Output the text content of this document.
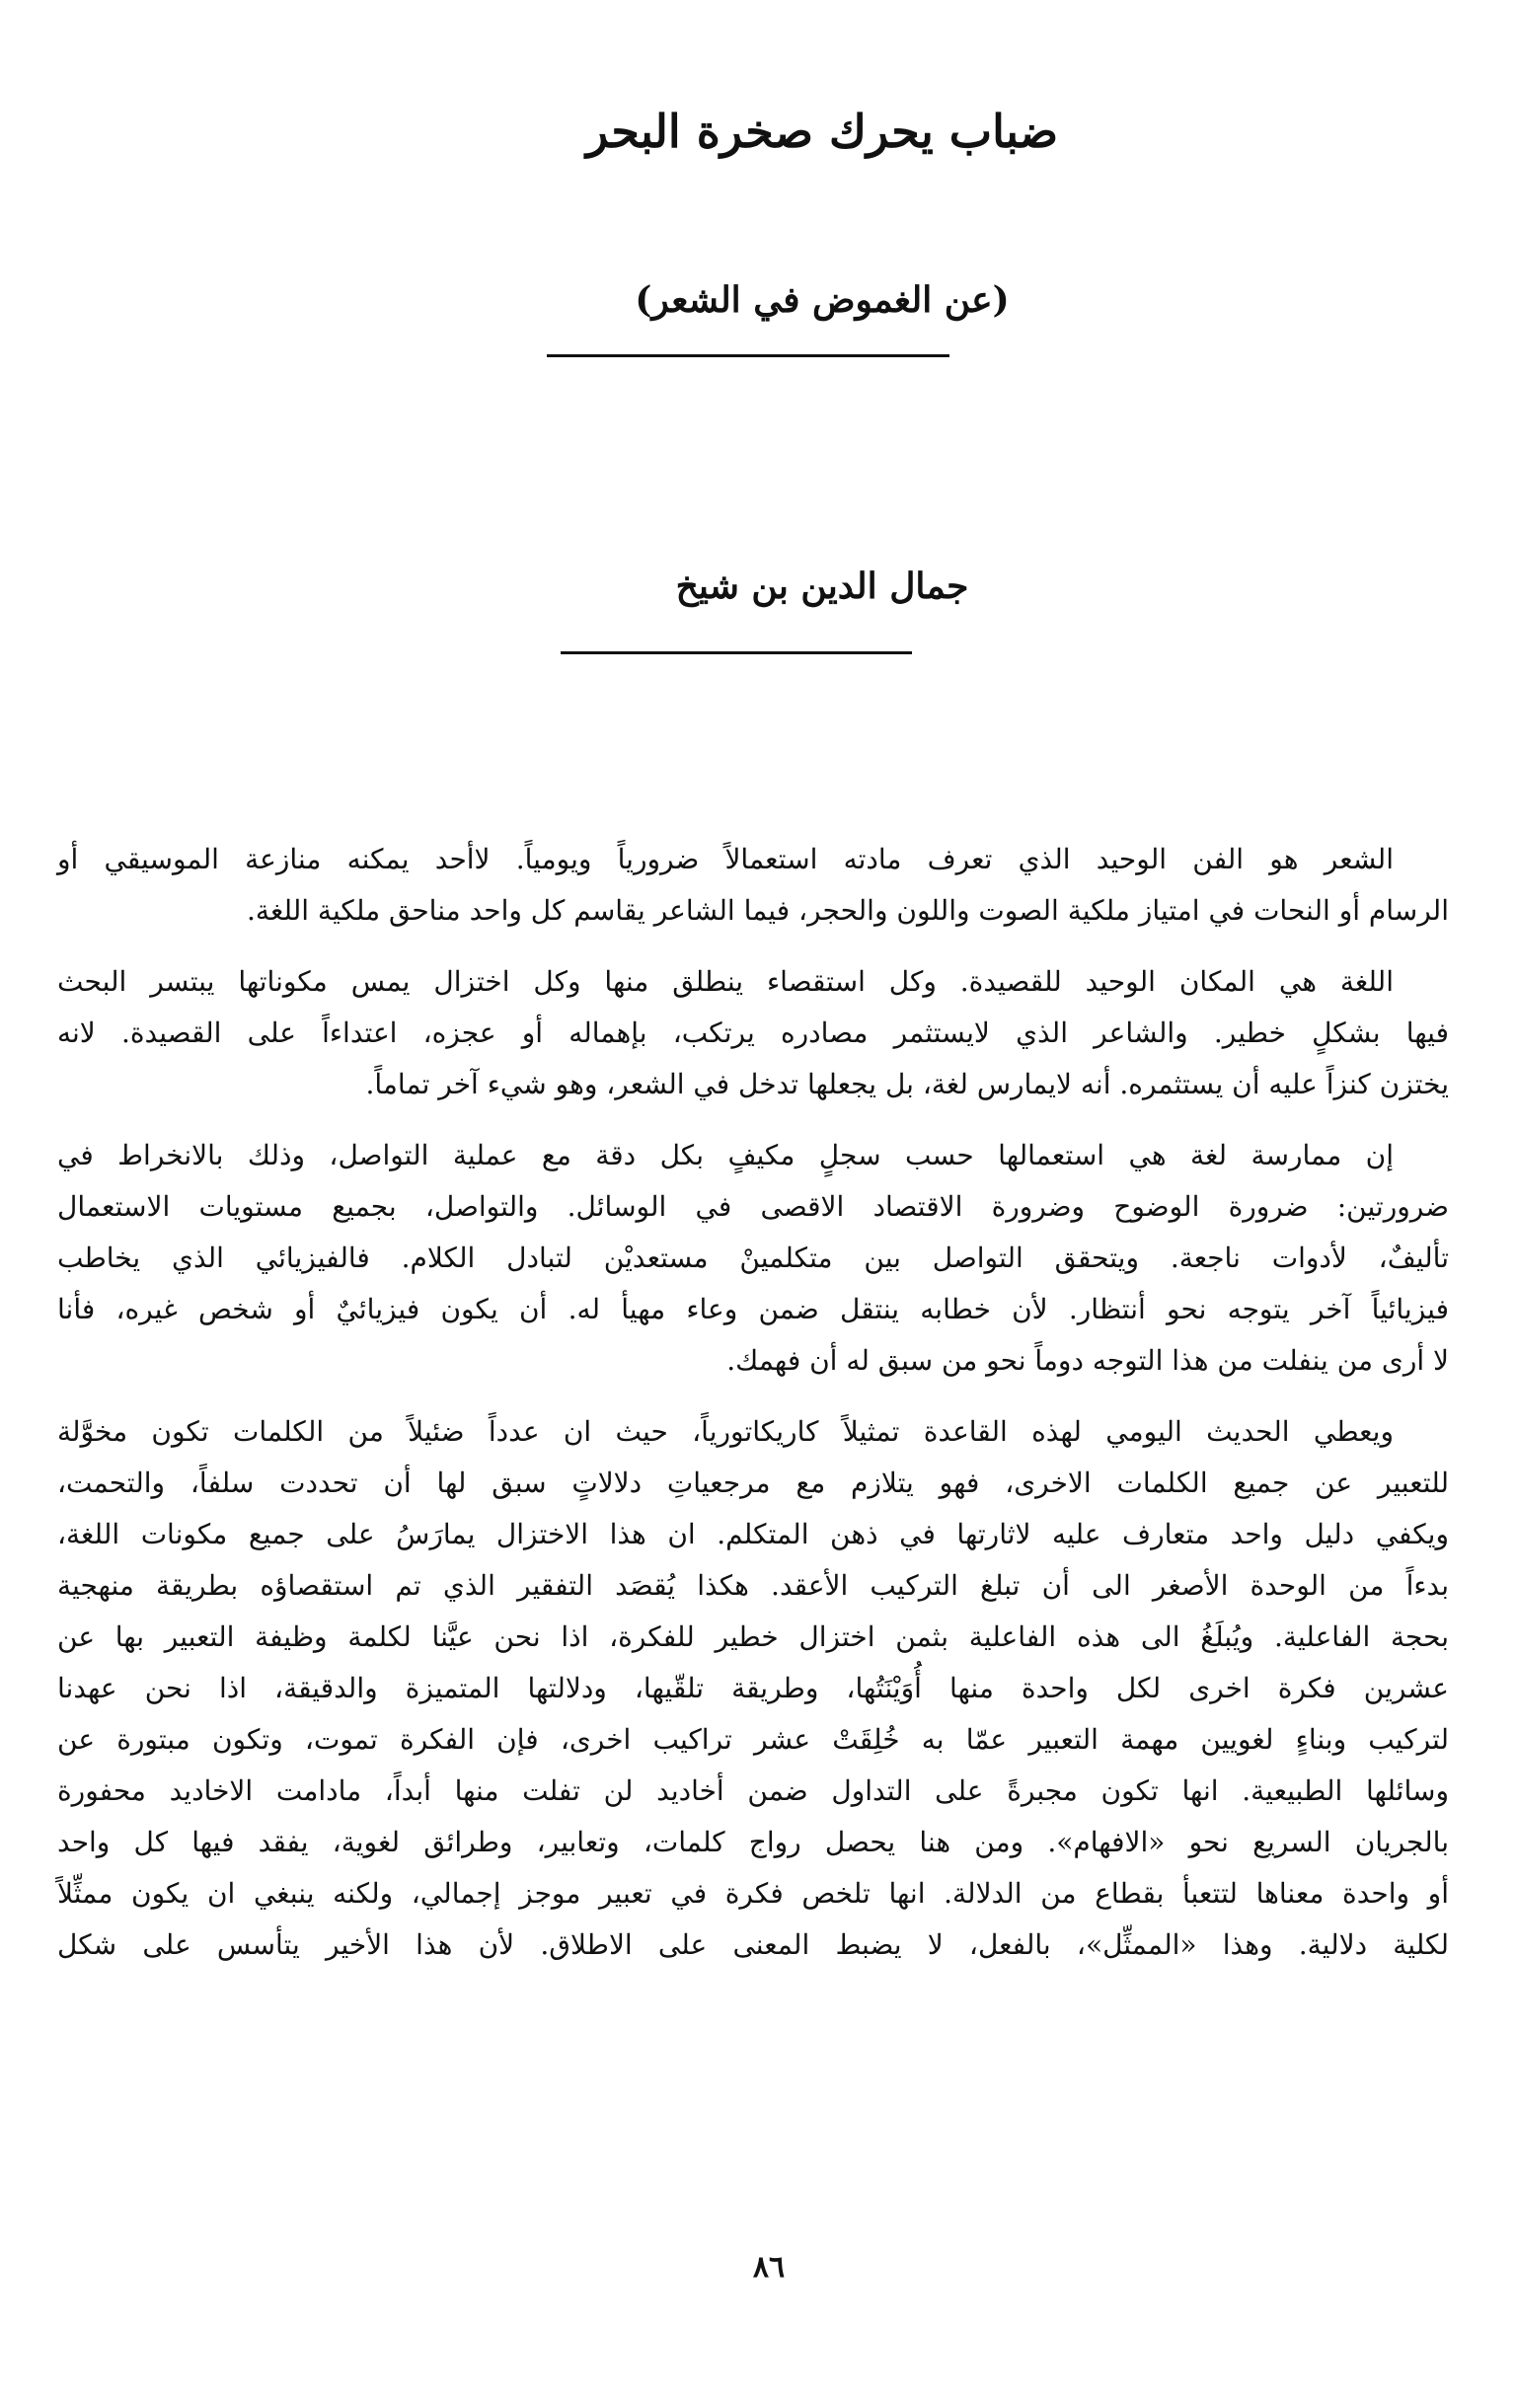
ضباب يحرك صخرة البحر
(عن الغموض في الشعر)
جمال الدين بن شيخ

الشعر هو الفن الوحيد الذي تعرف مادته استعمالاً ضرورياً ويومياً. لاأحد يمكنه منازعة الموسيقي أو
الرسام أو النحات في امتياز ملكية الصوت واللون والحجر، فيما الشاعر يقاسم كل واحد مناحق ملكية اللغة.

اللغة هي المكان الوحيد للقصيدة. وكل استقصاء ينطلق منها وكل اختزال يمس مكوناتها يبتسر البحث
فيها بشكلٍ خطير. والشاعر الذي لايستثمر مصادره يرتكب، بإهماله أو عجزه، اعتداءاً على القصيدة. لانه
يختزن كنزاً عليه أن يستثمره. أنه لايمارس لغة، بل يجعلها تدخل في الشعر، وهو شيء آخر تماماً.

إن ممارسة لغة هي استعمالها حسب سجلٍ مكيفٍ بكل دقة مع عملية التواصل، وذلك بالانخراط في
ضرورتين: ضرورة الوضوح وضرورة الاقتصاد الاقصى في الوسائل. والتواصل، بجميع مستويات الاستعمال
تأليفٌ، لأدوات ناجعة. ويتحقق التواصل بين متكلمينْ مستعديْن لتبادل الكلام. فالفيزيائي الذي يخاطب
فيزيائياً آخر يتوجه نحو أنتظار. لأن خطابه ينتقل ضمن وعاء مهيأ له. أن يكون فيزيائيٌ أو شخص غيره، فأنا
لا أرى من ينفلت من هذا التوجه دوماً نحو من سبق له أن فهمك.

ويعطي الحديث اليومي لهذه القاعدة تمثيلاً كاريكاتورياً، حيث ان عدداً ضئيلاً من الكلمات تكون مخوَّلة
للتعبير عن جميع الكلمات الاخرى، فهو يتلازم مع مرجعياتِ دلالاتٍ سبق لها أن تحددت سلفاً، والتحمت،
ويكفي دليل واحد متعارف عليه لاثارتها في ذهن المتكلم. ان هذا الاختزال يمارَسُ على جميع مكونات اللغة،
بدءاً من الوحدة الأصغر الى أن تبلغ التركيب الأعقد. هكذا يُقصَد التفقير الذي تم استقصاؤه بطريقة منهجية
بحجة الفاعلية. ويُبلَغُ الى هذه الفاعلية بثمن اختزال خطير للفكرة، اذا نحن عيَّنا لكلمة وظيفة التعبير بها عن
عشرين فكرة اخرى لكل واحدة منها أُوَيْنَتُها، وطريقة تلقّيها، ودلالتها المتميزة والدقيقة، اذا نحن عهدنا
لتركيب وبناءٍ لغويين مهمة التعبير عمّا به خُلِقَتْ عشر تراكيب اخرى، فإن الفكرة تموت، وتكون مبتورة عن
وسائلها الطبيعية. انها تكون مجبرةً على التداول ضمن أخاديد لن تفلت منها أبداً، مادامت الاخاديد محفورة
بالجريان السريع نحو «الافهام». ومن هنا يحصل رواج كلمات، وتعابير، وطرائق لغوية، يفقد فيها كل واحد
أو واحدة معناها لتتعبأ بقطاع من الدلالة. انها تلخص فكرة في تعبير موجز إجمالي، ولكنه ينبغي ان يكون ممثِّلاً
لكلية دلالية. وهذا «الممثِّل»، بالفعل، لا يضبط المعنى على الاطلاق. لأن هذا الأخير يتأسس على شكل

٨٦
